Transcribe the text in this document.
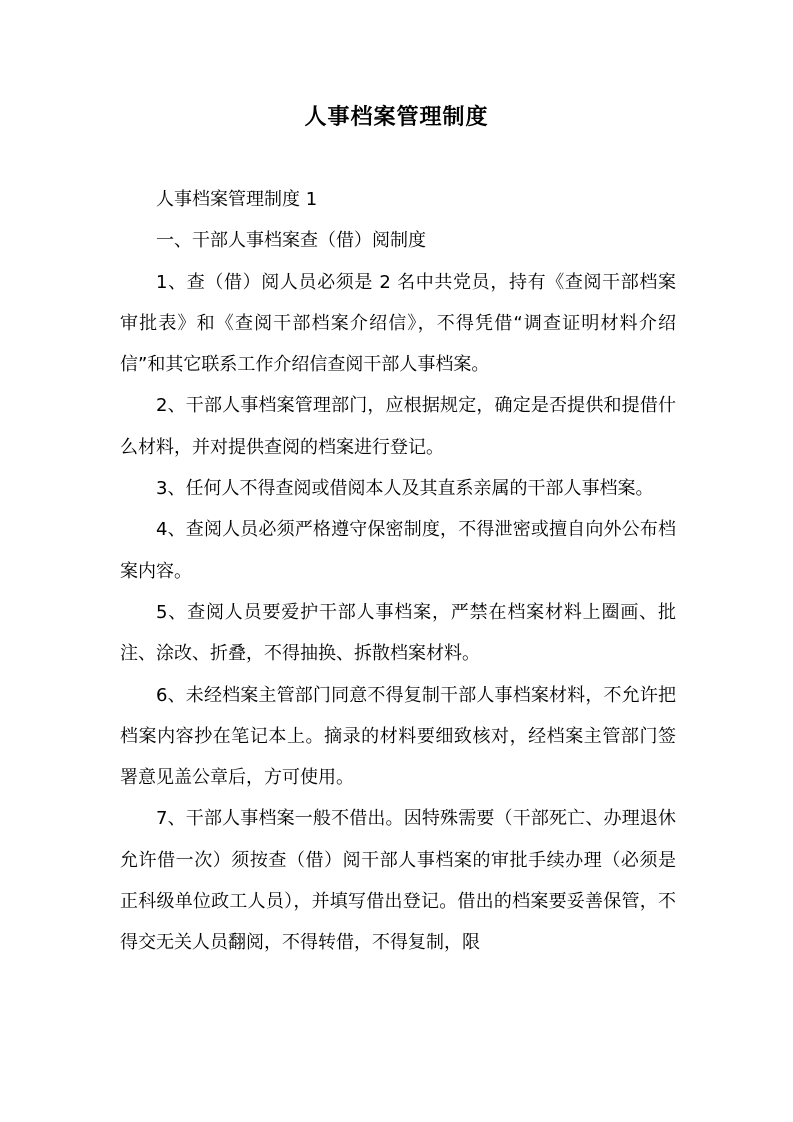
人事档案管理制度

人事档案管理制度 1

一、干部人事档案查（借）阅制度

1、查（借）阅人员必须是 2 名中共党员，持有《查阅干部档案审批表》和《查阅干部档案介绍信》，不得凭借“调查证明材料介绍信”和其它联系工作介绍信查阅干部人事档案。

2、干部人事档案管理部门，应根据规定，确定是否提供和提借什么材料，并对提供查阅的档案进行登记。

3、任何人不得查阅或借阅本人及其直系亲属的干部人事档案。

4、查阅人员必须严格遵守保密制度，不得泄密或擅自向外公布档案内容。

5、查阅人员要爱护干部人事档案，严禁在档案材料上圈画、批注、涂改、折叠，不得抽换、拆散档案材料。

6、未经档案主管部门同意不得复制干部人事档案材料，不允许把档案内容抄在笔记本上。摘录的材料要细致核对，经档案主管部门签署意见盖公章后，方可使用。

7、干部人事档案一般不借出。因特殊需要（干部死亡、办理退休允许借一次）须按查（借）阅干部人事档案的审批手续办理（必须是正科级单位政工人员），并填写借出登记。借出的档案要妥善保管，不得交无关人员翻阅，不得转借，不得复制，限
